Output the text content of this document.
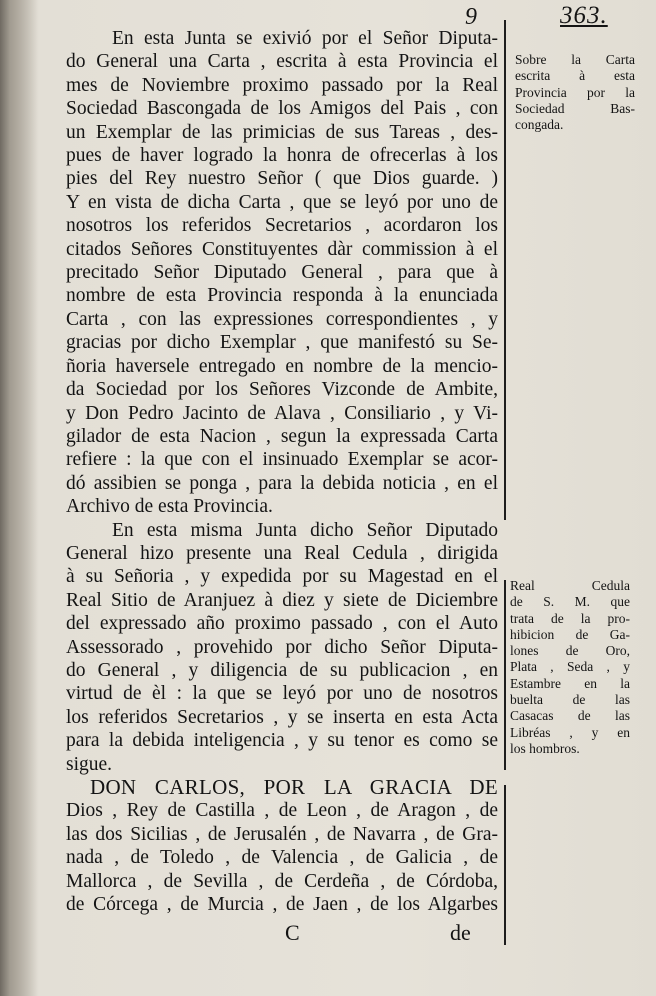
9	363.
En esta Junta se exivió por el Señor Diputa-
do General una Carta , escrita à esta Provincia el
mes de Noviembre proximo passado por la Real
Sociedad Bascongada de los Amigos del Pais , con
un Exemplar de las primicias de sus Tareas , des-
pues de haver logrado la honra de ofrecerlas à los
pies del Rey nuestro Señor ( que Dios guarde. )
Y en vista de dicha Carta , que se leyó por uno de
nosotros los referidos Secretarios , acordaron los
citados Señores Constituyentes dàr commission à el
precitado Señor Diputado General , para que à
nombre de esta Provincia responda à la enunciada
Carta , con las expressiones correspondientes , y
gracias por dicho Exemplar , que manifestó su Se-
ñoria haversele entregado en nombre de la mencio-
da Sociedad por los Señores Vizconde de Ambite,
y Don Pedro Jacinto de Alava , Consiliario , y Vi-
gilador de esta Nacion , segun la expressada Carta
refiere : la que con el insinuado Exemplar se acor-
dó assibien se ponga , para la debida noticia , en el
Archivo de esta Provincia.
En esta misma Junta dicho Señor Diputado
General hizo presente una Real Cedula , dirigida
à su Señoria , y expedida por su Magestad en el
Real Sitio de Aranjuez à diez y siete de Diciembre
del expressado año proximo passado , con el Auto
Assessorado , provehido por dicho Señor Diputa-
do General , y diligencia de su publicacion , en
virtud de èl : la que se leyó por uno de nosotros
los referidos Secretarios , y se inserta en esta Acta
para la debida inteligencia , y su tenor es como se
sigue.
DON CARLOS, POR LA GRACIA DE
Dios , Rey de Castilla , de Leon , de Aragon , de
las dos Sicilias , de Jerusalén , de Navarra , de Gra-
nada , de Toledo , de Valencia , de Galicia , de
Mallorca , de Sevilla , de Cerdeña , de Córdoba,
de Córcega , de Murcia , de Jaen , de los Algarbes
C	de
Sobre la Carta
escrita à esta
Provincia por la
Sociedad Bas-
congada.
Real Cedula
de S. M. que
trata de la pro-
hibicion de Ga-
lones de Oro,
Plata , Seda , y
Estambre en la
buelta de las
Casacas de las
Libréas , y en
los hombros.
